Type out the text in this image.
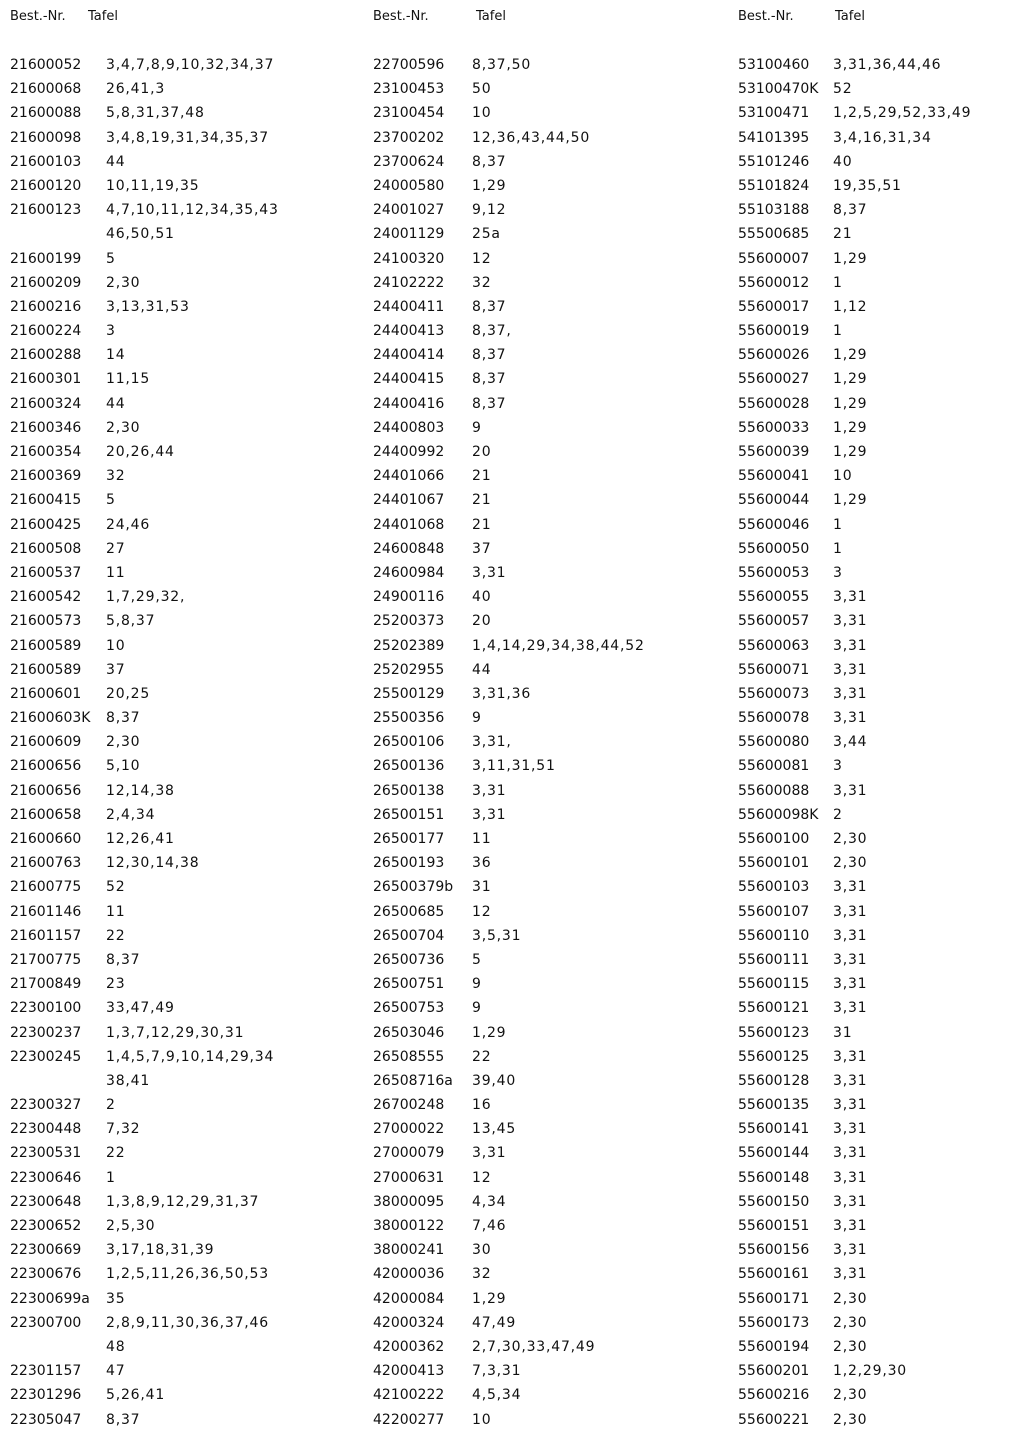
Best.-Nr. Tafel
21600052 3,4,7,8,9,10,32,34,37
21600068 26,41,3
21600088 5,8,31,37,48
21600098 3,4,8,19,31,34,35,37
21600103 44
21600120 10,11,19,35
21600123 4,7,10,11,12,34,35,43
46,50,51
21600199 5
21600209 2,30
21600216 3,13,31,53
21600224 3
21600288 14
21600301 11,15
21600324 44
21600346 2,30
21600354 20,26,44
21600369 32
21600415 5
21600425 24,46
21600508 27
21600537 11
21600542 1,7,29,32,
21600573 5,8,37
21600589 10
21600589 37
21600601 20,25
21600603K 8,37
21600609 2,30
21600656 5,10
21600656 12,14,38
21600658 2,4,34
21600660 12,26,41
21600763 12,30,14,38
21600775 52
21601146 11
21601157 22
21700775 8,37
21700849 23
22300100 33,47,49
22300237 1,3,7,12,29,30,31
22300245 1,4,5,7,9,10,14,29,34
38,41
22300327 2
22300448 7,32
22300531 22
22300646 1
22300648 1,3,8,9,12,29,31,37
22300652 2,5,30
22300669 3,17,18,31,39
22300676 1,2,5,11,26,36,50,53
22300699a 35
22300700 2,8,9,11,30,36,37,46
48
22301157 47
22301296 5,26,41
22305047 8,37
Best.-Nr.	Tafel
22700596 8,37,50
23100453 50
23100454 10
23700202 12,36,43,44,50
23700624 8,37
24000580 1,29
24001027 9,12
24001129 25a
24100320 12
24102222 32
24400411 8,37
24400413 8,37,
24400414 8,37
24400415 8,37
24400416 8,37
24400803 9
24400992 20
24401066 21
24401067 21
24401068 21
24600848 37
24600984 3,31
24900116 40
25200373 20
25202389 1,4,14,29,34,38,44,52
25202955 44
25500129 3,31,36
25500356 9
26500106 3,31,
26500136 3,11,31,51
26500138 3,31
26500151 3,31
26500177 11
26500193 36
26500379b 31
26500685 12
26500704 3,5,31
26500736 5
26500751 9
26500753 9
26503046 1,29
26508555 22
26508716a 39,40
26700248 16
27000022 13,45
27000079 3,31
27000631 12
38000095 4,34
38000122 7,46
38000241 30
42000036 32
42000084 1,29
42000324 47,49
42000362 2,7,30,33,47,49
42000413 7,3,31
42100222 4,5,34
42200277 10
Best.-Nr.	Tafel
53100460 3,31,36,44,46
53100470K 52
53100471 1,2,5,29,52,33,49
54101395 3,4,16,31,34
55101246 40
55101824 19,35,51
55103188 8,37
55500685 21
55600007 1,29
55600012 1
55600017 1,12
55600019 1
55600026 1,29
55600027 1,29
55600028 1,29
55600033 1,29
55600039 1,29
55600041 10
55600044 1,29
55600046 1
55600050 1
55600053 3
55600055 3,31
55600057 3,31
55600063 3,31
55600071 3,31
55600073 3,31
55600078 3,31
55600080 3,44
55600081 3
55600088 3,31
55600098K 2
55600100 2,30
55600101 2,30
55600103 3,31
55600107 3,31
55600110 3,31
55600111 3,31
55600115 3,31
55600121 3,31
55600123 31
55600125 3,31
55600128 3,31
55600135 3,31
55600141 3,31
55600144 3,31
55600148 3,31
55600150 3,31
55600151 3,31
55600156 3,31
55600161 3,31
55600171 2,30
55600173 2,30
55600194 2,30
55600201 1,2,29,30
55600216 2,30
55600221 2,30
